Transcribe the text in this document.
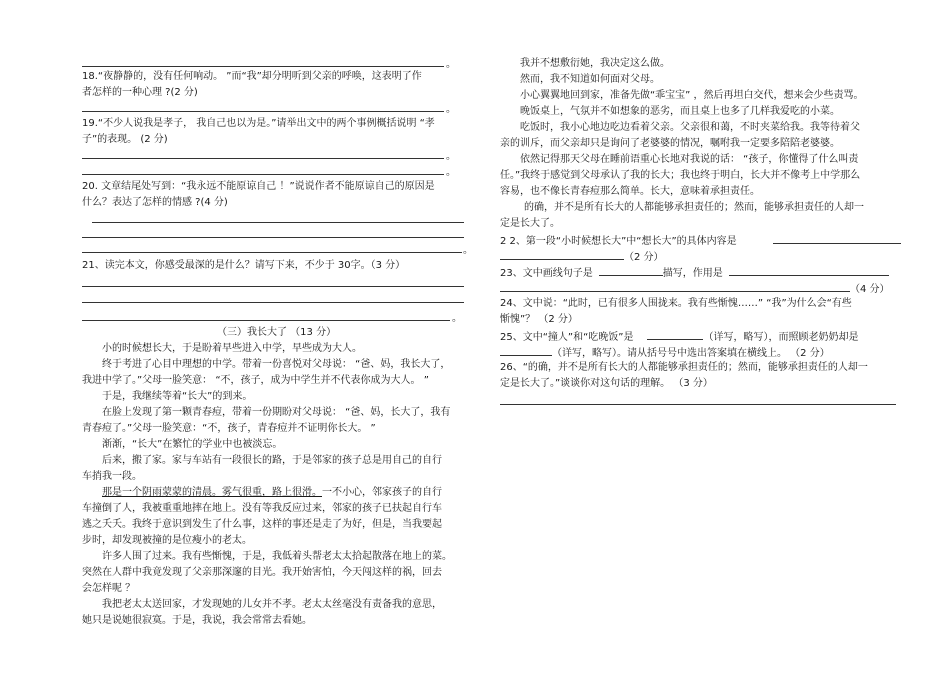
。
18.“夜静静的，没有任何响动。 ”而“我”却分明听到父亲的呼唤，这表明了作
者怎样的一种心理 ?(2 分)
。
19.“不少人说我是孝子， 我自己也以为是。”请举出文中的两个事例概括说明 “孝
子”的表现。 (2 分)
。
。
20. 文章结尾处写到：“我永远不能原谅自己 ！”说说作者不能原谅自己的原因是
什么？表达了怎样的情感 ?(4 分)
。
21、读完本文，你感受最深的是什么？请写下来，不少于 30字。（3 分）
。
（三）我长大了 （13 分）
小的时候想长大，于是盼着早些进入中学，早些成为大人。
终于考进了心目中理想的中学。带着一份喜悦对父母说： “爸、妈，我长大了，
我进中学了。”父母一脸笑意： “不，孩子，成为中学生并不代表你成为大人。 ”
于是，我继续等着“长大”的到来。
在脸上发现了第一颗青春痘，带着一份期盼对父母说： “爸、妈，长大了，我有
青春痘了。”父母一脸笑意：“不，孩子，青春痘并不证明你长大。 ”
渐渐，“长大”在繁忙的学业中也被淡忘。
后来，搬了家。家与车站有一段很长的路，于是邻家的孩子总是用自己的自行
车捎我一段。
那是一个阴雨蒙蒙的清晨。雾气很重，路上很滑。一不小心，邻家孩子的自行
车撞倒了人，我被重重地摔在地上。没有等我反应过来，邻家的孩子已扶起自行车
逃之夭夭。我终于意识到发生了什么事，这样的事还是走了为好，但是，当我要起
步时，却发现被撞的是位瘦小的老太。
许多人围了过来。我有些惭愧，于是，我低着头帮老太太拾起散落在地上的菜。
突然在人群中我竟发现了父亲那深邃的目光。我开始害怕，今天闯这样的祸，回去
会怎样呢 ？
我把老太太送回家，才发现她的儿女并不孝。老太太丝毫没有责备我的意思，
她只是说她很寂寞。于是，我说，我会常常去看她。
我并不想敷衍她，我决定这么做。
然而，我不知道如何面对父母。
小心翼翼地回到家，准备先做“乖宝宝” ，然后再坦白交代，想来会少些责骂。
晚饭桌上，气氛并不如想象的恶劣，而且桌上也多了几样我爱吃的小菜。
吃饭时，我小心地边吃边看着父亲。父亲很和蔼，不时夹菜给我。我等待着父
亲的训斥，而父亲却只是询问了老婆婆的情况，嘱咐我一定要多陪陪老婆婆。
依然记得那天父母在睡前语重心长地对我说的话： “孩子，你懂得了什么叫责
任。”我终于感觉到父母承认了我的长大；我也终于明白，长大并不像考上中学那么
容易，也不像长青春痘那么简单。长大，意味着承担责任。
的确，并不是所有长大的人都能够承担责任的；然而，能够承担责任的人却一
定是长大了。
2 2、第一段“小时候想长大”中“想长大”的具体内容是
（2 分）
23、文中画线句子是	描写，作用是
（4 分）
24、文中说：“此时，已有很多人围拢来。我有些惭愧……” “我”为什么会“有些
惭愧”？ （2 分）
25、文中“撞人”和“吃晚饭”是	（详写，略写），而照顾老奶奶却是
（详写，略写）。请从括号号中选出答案填在横线上。 （2 分）
26、“的确，并不是所有长大的人都能够承担责任的；然而，能够承担责任的人却一
定是长大了。”谈谈你对这句话的理解。 （3 分）
